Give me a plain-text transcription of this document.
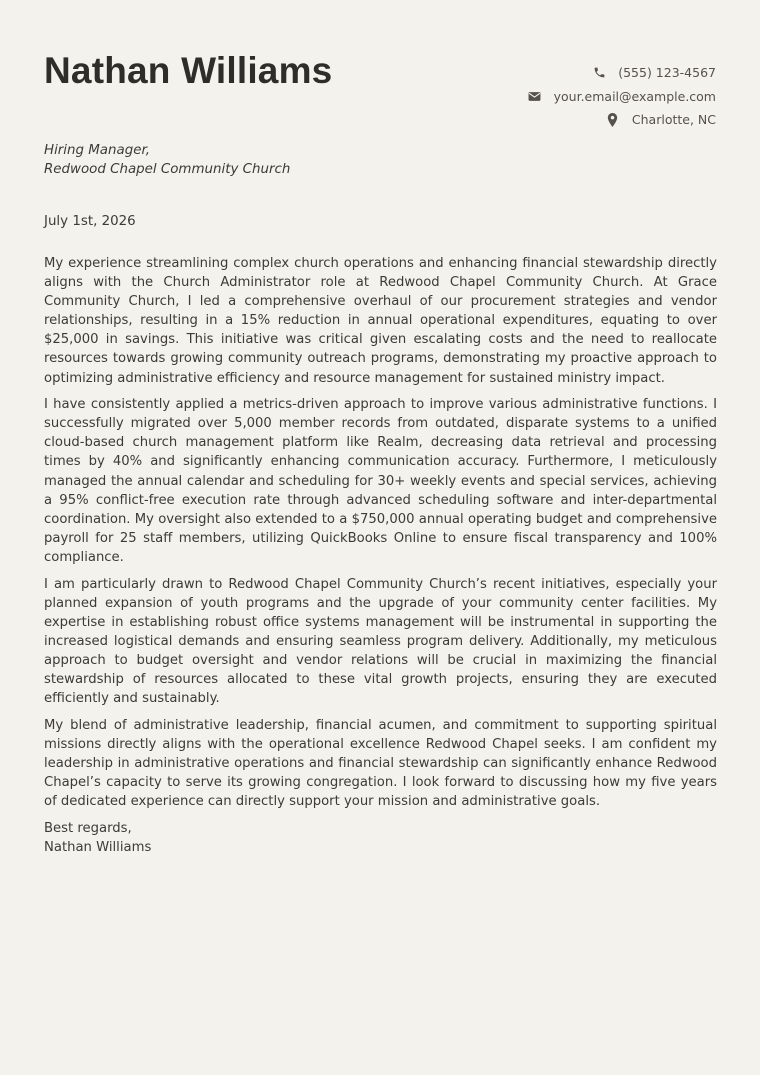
Nathan Williams	(555) 123-4567
your.email@example.com
Charlotte, NC
Hiring Manager,
Redwood Chapel Community Church
July 1st, 2026

My experience streamlining complex church operations and enhancing financial stewardship directly aligns with the Church Administrator role at Redwood Chapel Community Church. At Grace Community Church, I led a comprehensive overhaul of our procurement strategies and vendor relationships, resulting in a 15% reduction in annual operational expenditures, equating to over $25,000 in savings. This initiative was critical given escalating costs and the need to reallocate resources towards growing community outreach programs, demonstrating my proactive approach to optimizing administrative efficiency and resource management for sustained ministry impact.

I have consistently applied a metrics-driven approach to improve various administrative functions. I successfully migrated over 5,000 member records from outdated, disparate systems to a unified cloud-based church management platform like Realm, decreasing data retrieval and processing times by 40% and significantly enhancing communication accuracy. Furthermore, I meticulously managed the annual calendar and scheduling for 30+ weekly events and special services, achieving a 95% conflict-free execution rate through advanced scheduling software and inter-departmental coordination. My oversight also extended to a $750,000 annual operating budget and comprehensive payroll for 25 staff members, utilizing QuickBooks Online to ensure fiscal transparency and 100% compliance.

I am particularly drawn to Redwood Chapel Community Church’s recent initiatives, especially your planned expansion of youth programs and the upgrade of your community center facilities. My expertise in establishing robust office systems management will be instrumental in supporting the increased logistical demands and ensuring seamless program delivery. Additionally, my meticulous approach to budget oversight and vendor relations will be crucial in maximizing the financial stewardship of resources allocated to these vital growth projects, ensuring they are executed efficiently and sustainably.

My blend of administrative leadership, financial acumen, and commitment to supporting spiritual missions directly aligns with the operational excellence Redwood Chapel seeks. I am confident my leadership in administrative operations and financial stewardship can significantly enhance Redwood Chapel’s capacity to serve its growing congregation. I look forward to discussing how my five years of dedicated experience can directly support your mission and administrative goals.

Best regards,
Nathan Williams
